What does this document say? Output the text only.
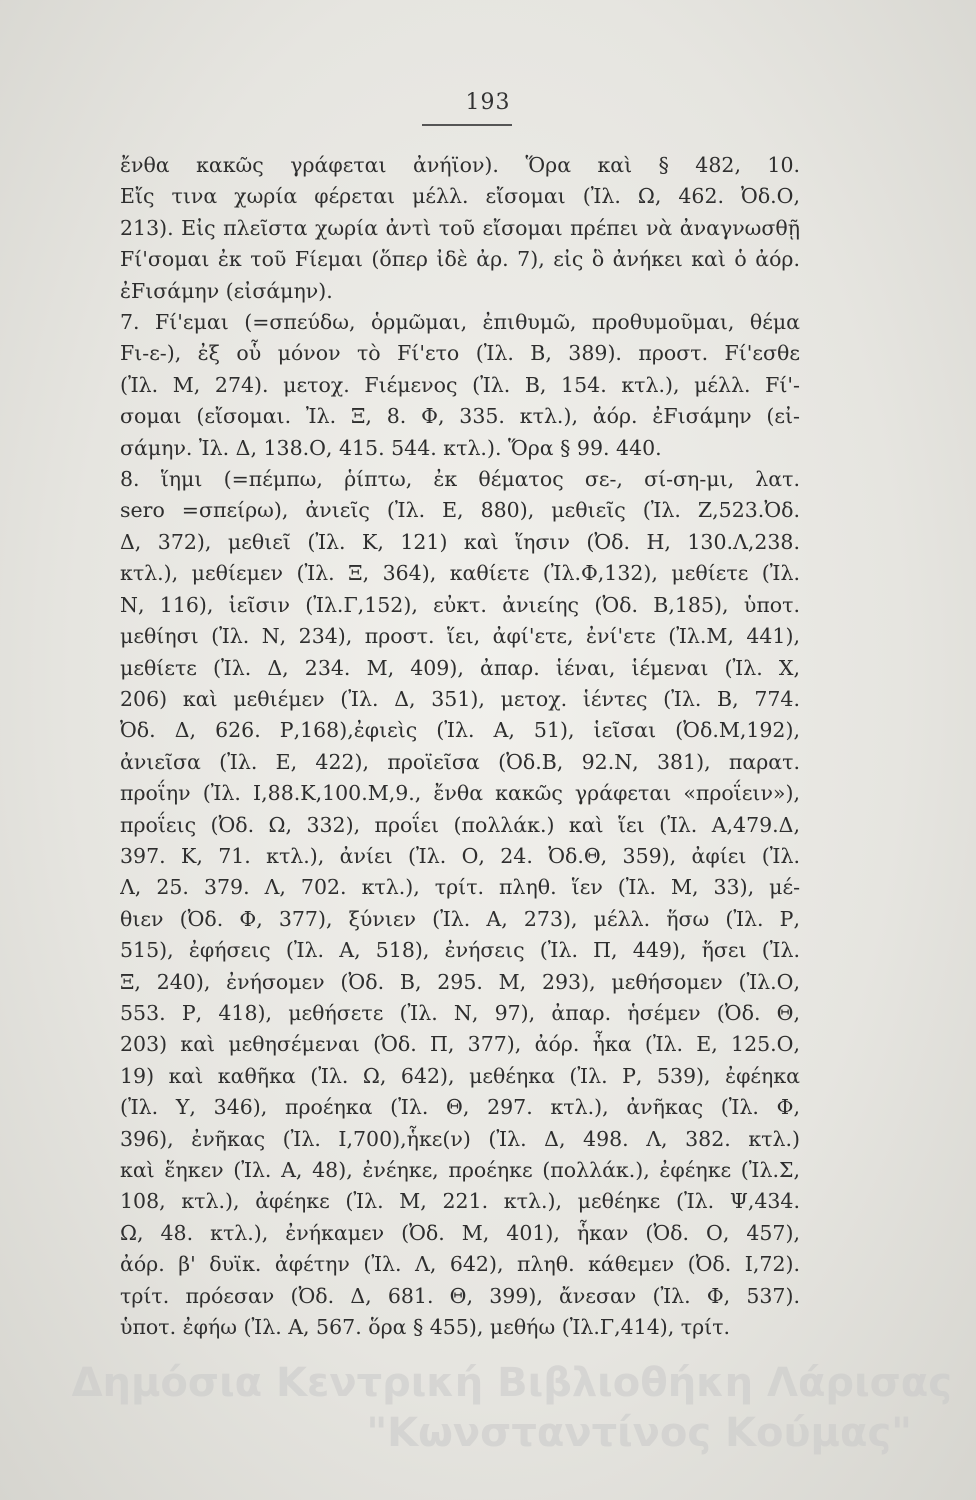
193
ἔνθα κακῶς γράφεται ἀνήϊον). Ὅρα καὶ § 482, 10.
Εἴς τινα χωρία φέρεται μέλλ. εἴσομαι (Ἰλ. Ω, 462. Ὀδ.Ο,
213). Εἰς πλεῖστα χωρία ἀντὶ τοῦ εἴσομαι πρέπει νὰ ἀναγνωσθῇ
Fί'σομαι ἐκ τοῦ Fίεμαι (ὅπερ ἰδὲ ἀρ. 7), εἰς ὃ ἀνήκει καὶ ὁ ἀόρ.
ἐFισάμην (εἰσάμην).
7. Fί'εμαι (=σπεύδω, ὁρμῶμαι, ἐπιθυμῶ, προθυμοῦμαι, θέμα
Fι-ε-), ἐξ οὗ μόνον τὸ Fί'ετο (Ἰλ. Β, 389). προστ. Fί'εσθε
(Ἰλ. Μ, 274). μετοχ. Fιέμενος (Ἰλ. Β, 154. κτλ.), μέλλ. Fί'-
σομαι (εἴσομαι. Ἰλ. Ξ, 8. Φ, 335. κτλ.), ἀόρ. ἐFισάμην (εἰ-
σάμην. Ἰλ. Δ, 138.Ο, 415. 544. κτλ.). Ὅρα § 99. 440.
8. ἵημι (=πέμπω, ῥίπτω, ἐκ θέματος σε-, σί-ση-μι, λατ.
sero =σπείρω), ἀνιεῖς (Ἰλ. Ε, 880), μεθιεῖς (Ἰλ. Ζ,523.Ὀδ.
Δ, 372), μεθιεῖ (Ἰλ. Κ, 121) καὶ ἵησιν (Ὀδ. Η, 130.Λ,238.
κτλ.), μεθίεμεν (Ἰλ. Ξ, 364), καθίετε (Ἰλ.Φ,132), μεθίετε (Ἰλ.
Ν, 116), ἱεῖσιν (Ἰλ.Γ,152), εὐκτ. ἀνιείης (Ὀδ. Β,185), ὑποτ.
μεθίησι (Ἰλ. Ν, 234), προστ. ἵει, ἀφί'ετε, ἐνί'ετε (Ἰλ.Μ, 441),
μεθίετε (Ἰλ. Δ, 234. Μ, 409), ἀπαρ. ἱέναι, ἱέμεναι (Ἰλ. Χ,
206) καὶ μεθιέμεν (Ἰλ. Δ, 351), μετοχ. ἱέντες (Ἰλ. Β, 774.
Ὀδ. Δ, 626. Ρ,168),ἐφιεὶς (Ἰλ. Α, 51), ἱεῖσαι (Ὀδ.Μ,192),
ἀνιεῖσα (Ἰλ. Ε, 422), προϊεῖσα (Ὀδ.Β, 92.Ν, 381), παρατ.
προΐην (Ἰλ. Ι,88.Κ,100.Μ,9., ἔνθα κακῶς γράφεται «προΐειν»),
προΐεις (Ὀδ. Ω, 332), προΐει (πολλάκ.) καὶ ἵει (Ἰλ. Α,479.Δ,
397. Κ, 71. κτλ.), ἀνίει (Ἰλ. Ο, 24. Ὀδ.Θ, 359), ἀφίει (Ἰλ.
Λ, 25. 379. Λ, 702. κτλ.), τρίτ. πληθ. ἵεν (Ἰλ. Μ, 33), μέ-
θιεν (Ὀδ. Φ, 377), ξύνιεν (Ἰλ. Α, 273), μέλλ. ἥσω (Ἰλ. Ρ,
515), ἐφήσεις (Ἰλ. Α, 518), ἐνήσεις (Ἰλ. Π, 449), ἥσει (Ἰλ.
Ξ, 240), ἐνήσομεν (Ὀδ. Β, 295. Μ, 293), μεθήσομεν (Ἰλ.Ο,
553. Ρ, 418), μεθήσετε (Ἰλ. Ν, 97), ἀπαρ. ἡσέμεν (Ὀδ. Θ,
203) καὶ μεθησέμεναι (Ὀδ. Π, 377), ἀόρ. ἧκα (Ἰλ. Ε, 125.Ο,
19) καὶ καθῆκα (Ἰλ. Ω, 642), μεθέηκα (Ἰλ. Ρ, 539), ἐφέηκα
(Ἰλ. Υ, 346), προέηκα (Ἰλ. Θ, 297. κτλ.), ἀνῆκας (Ἰλ. Φ,
396), ἐνῆκας (Ἰλ. Ι,700),ἧκε(ν) (Ἰλ. Δ, 498. Λ, 382. κτλ.)
καὶ ἕηκεν (Ἰλ. Α, 48), ἐνέηκε, προέηκε (πολλάκ.), ἐφέηκε (Ἰλ.Σ,
108, κτλ.), ἀφέηκε (Ἰλ. Μ, 221. κτλ.), μεθέηκε (Ἰλ. Ψ,434.
Ω, 48. κτλ.), ἐνήκαμεν (Ὀδ. Μ, 401), ἧκαν (Ὀδ. Ο, 457),
ἀόρ. β' δυϊκ. ἀφέτην (Ἰλ. Λ, 642), πληθ. κάθεμεν (Ὀδ. Ι,72).
τρίτ. πρόεσαν (Ὀδ. Δ, 681. Θ, 399), ἄνεσαν (Ἰλ. Φ, 537).
ὑποτ. ἐφήω (Ἰλ. Α, 567. ὅρα § 455), μεθήω (Ἰλ.Γ,414), τρίτ.
Δημόσια Κεντρική Βιβλιοθήκη Λάρισας
"Κωνσταντίνος Κούμας"
